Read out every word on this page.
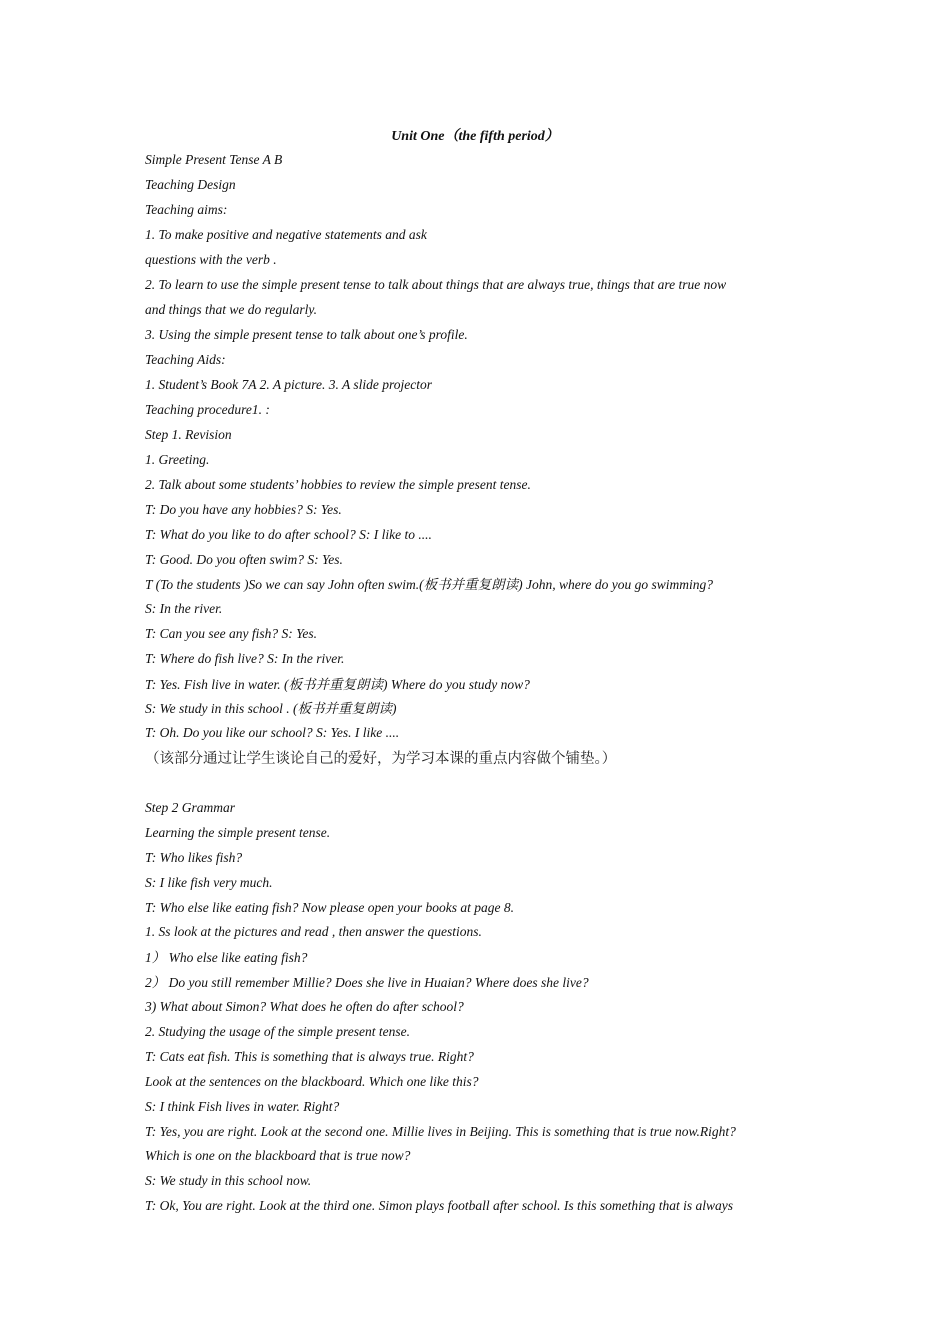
Unit One（the fifth period）
Simple Present Tense A B
Teaching Design
Teaching aims:
1. To make positive and negative statements and ask
questions with the verb .
2. To learn to use the simple present tense to talk about things that are always true, things that are true now
and things that we do regularly.
3. Using the simple present tense to talk about one’s profile.
Teaching Aids:
1. Student’s Book 7A 2. A picture. 3. A slide projector
Teaching procedure1. :
Step 1. Revision
1. Greeting.
2. Talk about some students’ hobbies to review the simple present tense.
T: Do you have any hobbies? S: Yes.
T: What do you like to do after school? S: I like to ....
T: Good. Do you often swim? S: Yes.
T (To the students )So we can say John often swim.(板书并重复朗读) John, where do you go swimming?
S: In the river.
T: Can you see any fish? S: Yes.
T: Where do fish live? S: In the river.
T: Yes. Fish live in water. (板书并重复朗读) Where do you study now?
S: We study in this school . (板书并重复朗读)
T: Oh. Do you like our school? S: Yes. I like ....
（该部分通过让学生谈论自己的爱好，为学习本课的重点内容做个铺垫。）
Step 2 Grammar
Learning the simple present tense.
T: Who likes fish?
S: I like fish very much.
T: Who else like eating fish? Now please open your books at page 8.
1. Ss look at the pictures and read , then answer the questions.
1） Who else like eating fish?
2） Do you still remember Millie? Does she live in Huaian? Where does she live?
3) What about Simon? What does he often do after school?
2. Studying the usage of the simple present tense.
T: Cats eat fish. This is something that is always true. Right?
Look at the sentences on the blackboard. Which one like this?
S: I think Fish lives in water. Right?
T: Yes, you are right. Look at the second one. Millie lives in Beijing. This is something that is true now.Right?
Which is one on the blackboard that is true now?
S: We study in this school now.
T: Ok, You are right. Look at the third one. Simon plays football after school. Is this something that is always
